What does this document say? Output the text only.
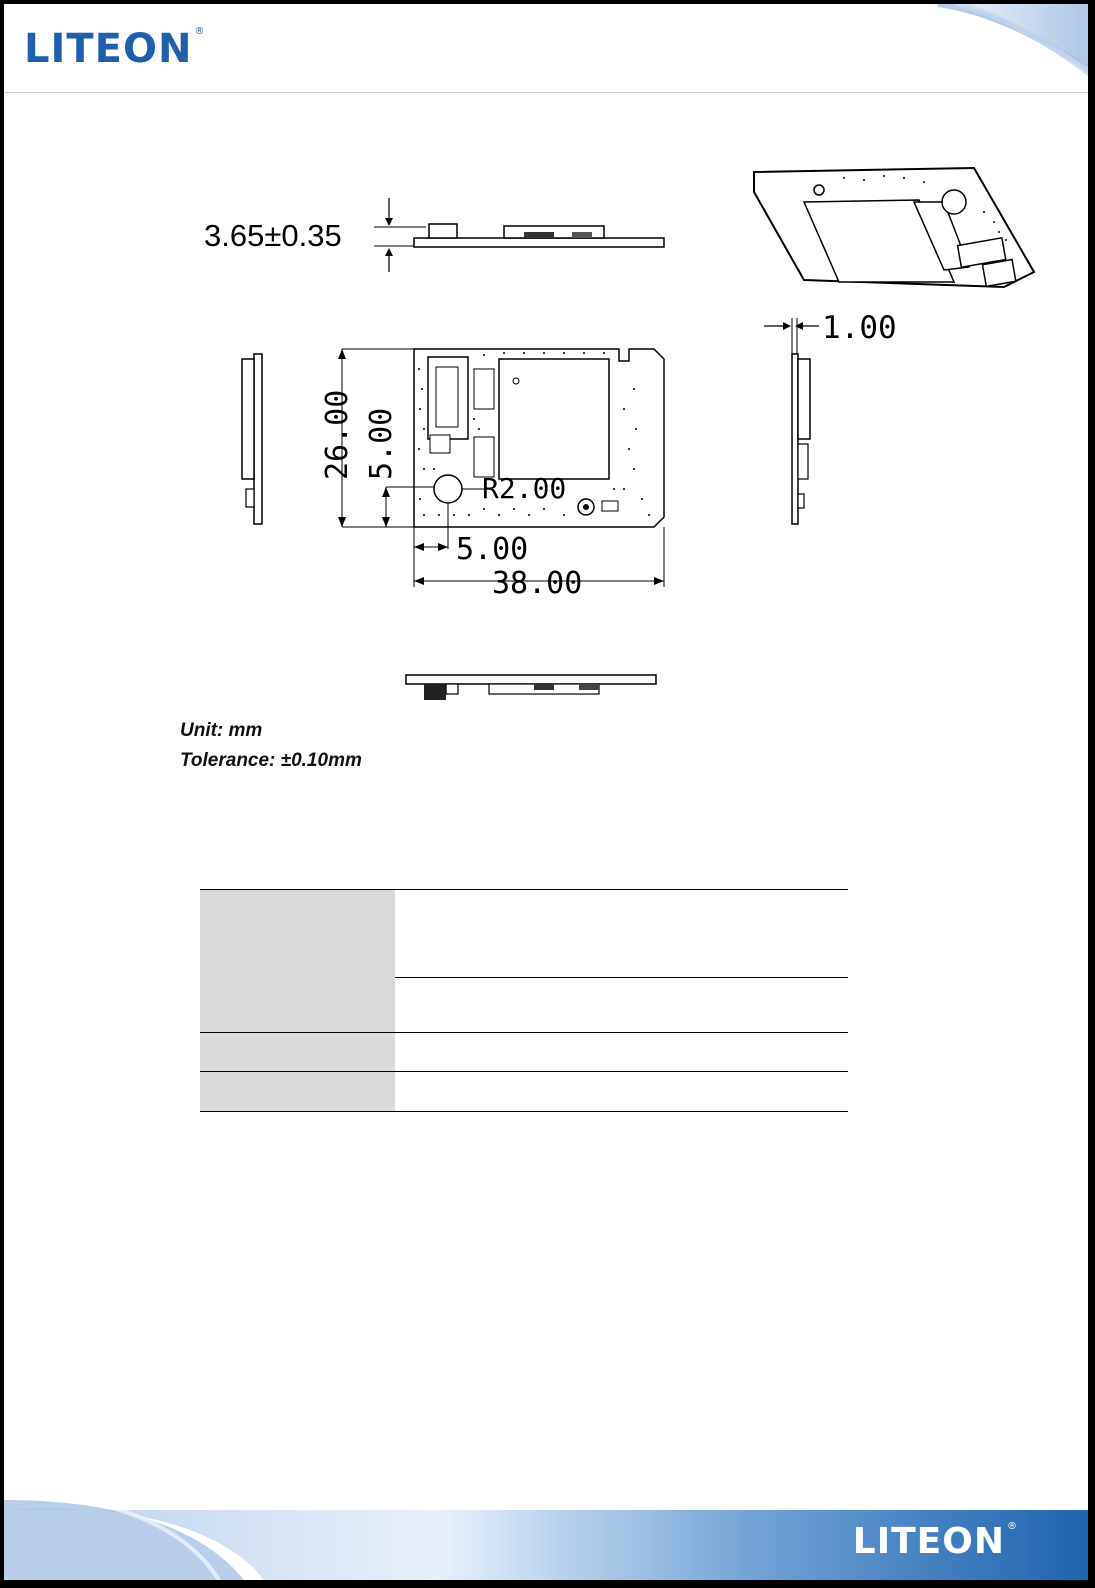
LITEON ®
3.65±0.35
1.00
26.00 5.00
R2.00
5.00
38.00
Unit: mm
Tolerance: ±0.10mm

LITEON ®
